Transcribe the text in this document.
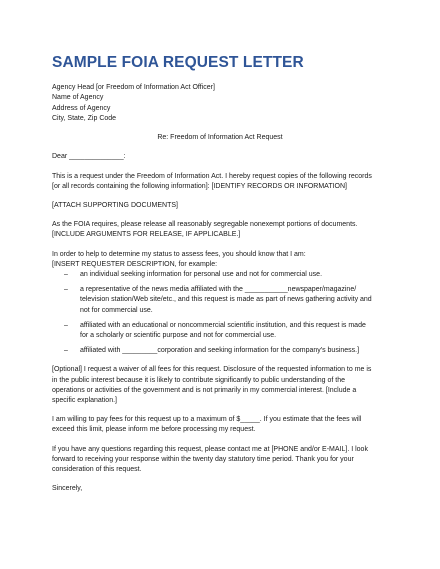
SAMPLE FOIA REQUEST LETTER

Agency Head [or Freedom of Information Act Officer]

Name of Agency

Address of Agency

City, State, Zip Code

Re: Freedom of Information Act Request

Dear ______________:

This is a request under the Freedom of Information Act. I hereby request copies of the following records

[or all records containing the following information]: [IDENTIFY RECORDS OR INFORMATION]

[ATTACH SUPPORTING DOCUMENTS]

As the FOIA requires, please release all reasonably segregable nonexempt portions of documents.

[INCLUDE ARGUMENTS FOR RELEASE, IF APPLICABLE.]

In order to help to determine my status to assess fees, you should know that I am:

[INSERT REQUESTER DESCRIPTION, for example:

– an individual seeking information for personal use and not for commercial use.
– a representative of the news media affiliated with the ___________newspaper/magazine/
television station/Web site/etc., and this request is made as part of news gathering activity and
not for commercial use.
– affiliated with an educational or noncommercial scientific institution, and this request is made
for a scholarly or scientific purpose and not for commercial use.
– affiliated with _________corporation and seeking information for the company's business.]

[Optional] I request a waiver of all fees for this request. Disclosure of the requested information to me is

in the public interest because it is likely to contribute significantly to public understanding of the

operations or activities of the government and is not primarily in my commercial interest. [Include a

specific explanation.]

I am willing to pay fees for this request up to a maximum of $_____. If you estimate that the fees will

exceed this limit, please inform me before processing my request.

If you have any questions regarding this request, please contact me at [PHONE and/or E-MAIL]. I look

forward to receiving your response within the twenty day statutory time period. Thank you for your

consideration of this request.

Sincerely,
